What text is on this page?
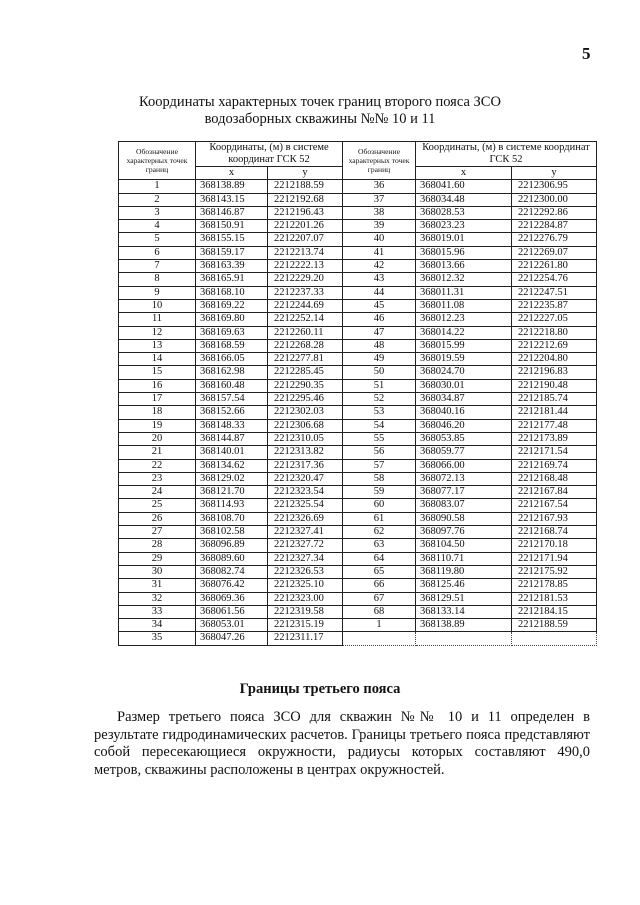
5
Координаты характерных точек границ второго пояса ЗСО
водозаборных скважины №№ 10 и 11
Обозначение характерных точек границ	Координаты, (м) в системе координат ГСК 52		Обозначение характерных точек границ	Координаты, (м) в системе координат ГСК 52	
	x	y		x	y
1	368138.89	2212188.59	36	368041.60	2212306.95
2	368143.15	2212192.68	37	368034.48	2212300.00
3	368146.87	2212196.43	38	368028.53	2212292.86
4	368150.91	2212201.26	39	368023.23	2212284.87
5	368155.15	2212207.07	40	368019.01	2212276.79
6	368159.17	2212213.74	41	368015.96	2212269.07
7	368163.39	2212222.13	42	368013.66	2212261.80
8	368165.91	2212229.20	43	368012.32	2212254.76
9	368168.10	2212237.33	44	368011.31	2212247.51
10	368169.22	2212244.69	45	368011.08	2212235.87
11	368169.80	2212252.14	46	368012.23	2212227.05
12	368169.63	2212260.11	47	368014.22	2212218.80
13	368168.59	2212268.28	48	368015.99	2212212.69
14	368166.05	2212277.81	49	368019.59	2212204.80
15	368162.98	2212285.45	50	368024.70	2212196.83
16	368160.48	2212290.35	51	368030.01	2212190.48
17	368157.54	2212295.46	52	368034.87	2212185.74
18	368152.66	2212302.03	53	368040.16	2212181.44
19	368148.33	2212306.68	54	368046.20	2212177.48
20	368144.87	2212310.05	55	368053.85	2212173.89
21	368140.01	2212313.82	56	368059.77	2212171.54
22	368134.62	2212317.36	57	368066.00	2212169.74
23	368129.02	2212320.47	58	368072.13	2212168.48
24	368121.70	2212323.54	59	368077.17	2212167.84
25	368114.93	2212325.54	60	368083.07	2212167.54
26	368108.70	2212326.69	61	368090.58	2212167.93
27	368102.58	2212327.41	62	368097.76	2212168.74
28	368096.89	2212327.72	63	368104.50	2212170.18
29	368089.60	2212327.34	64	368110.71	2212171.94
30	368082.74	2212326.53	65	368119.80	2212175.92
31	368076.42	2212325.10	66	368125.46	2212178.85
32	368069.36	2212323.00	67	368129.51	2212181.53
33	368061.56	2212319.58	68	368133.14	2212184.15
34	368053.01	2212315.19	1	368138.89	2212188.59
35	368047.26	2212311.17			
Границы третьего пояса
Размер третьего пояса ЗСО для скважин №№ 10 и 11 определен в результате гидродинамических расчетов. Границы третьего пояса представляют собой пересекающиеся окружности, радиусы которых составляют 490,0 метров, скважины расположены в центрах окружностей.
